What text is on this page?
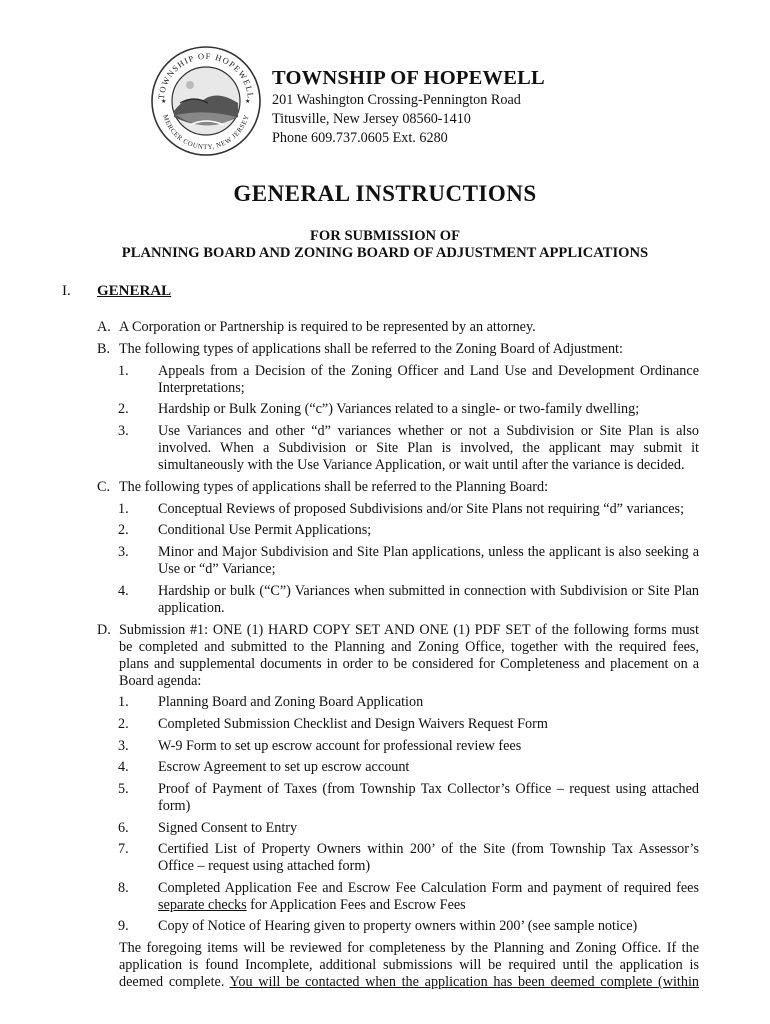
TOWNSHIP OF HOPEWELL
MERCER COUNTY, NEW JERSEY
★	★
TOWNSHIP OF HOPEWELL
201 Washington Crossing-Pennington Road
Titusville, New Jersey 08560-1410
Phone 609.737.0605 Ext. 6280
GENERAL INSTRUCTIONS
FOR SUBMISSION OF
PLANNING BOARD AND ZONING BOARD OF ADJUSTMENT APPLICATIONS
I. GENERAL
A. A Corporation or Partnership is required to be represented by an attorney.
B. The following types of applications shall be referred to the Zoning Board of Adjustment:
1. Appeals from a Decision of the Zoning Officer and Land Use and Development Ordinance
Interpretations;
2. Hardship or Bulk Zoning (“c”) Variances related to a single- or two-family dwelling;
3. Use Variances and other “d” variances whether or not a Subdivision or Site Plan is also
involved. When a Subdivision or Site Plan is involved, the applicant may submit it
simultaneously with the Use Variance Application, or wait until after the variance is decided.
C. The following types of applications shall be referred to the Planning Board:
1. Conceptual Reviews of proposed Subdivisions and/or Site Plans not requiring “d” variances;
2. Conditional Use Permit Applications;
3. Minor and Major Subdivision and Site Plan applications, unless the applicant is also seeking a
Use or “d” Variance;
4. Hardship or bulk (“C”) Variances when submitted in connection with Subdivision or Site Plan
application.
D. Submission #1: ONE (1) HARD COPY SET AND ONE (1) PDF SET of the following forms must
be completed and submitted to the Planning and Zoning Office, together with the required fees,
plans and supplemental documents in order to be considered for Completeness and placement on a
Board agenda:
1. Planning Board and Zoning Board Application
2. Completed Submission Checklist and Design Waivers Request Form
3. W-9 Form to set up escrow account for professional review fees
4. Escrow Agreement to set up escrow account
5. Proof of Payment of Taxes (from Township Tax Collector’s Office – request using attached
form)
6. Signed Consent to Entry
7. Certified List of Property Owners within 200’ of the Site (from Township Tax Assessor’s
Office – request using attached form)
8. Completed Application Fee and Escrow Fee Calculation Form and payment of required fees
separate checks for Application Fees and Escrow Fees
9. Copy of Notice of Hearing given to property owners within 200’ (see sample notice)
The foregoing items will be reviewed for completeness by the Planning and Zoning Office. If the
application is found Incomplete, additional submissions will be required until the application is
deemed complete. You will be contacted when the application has been deemed complete (within
